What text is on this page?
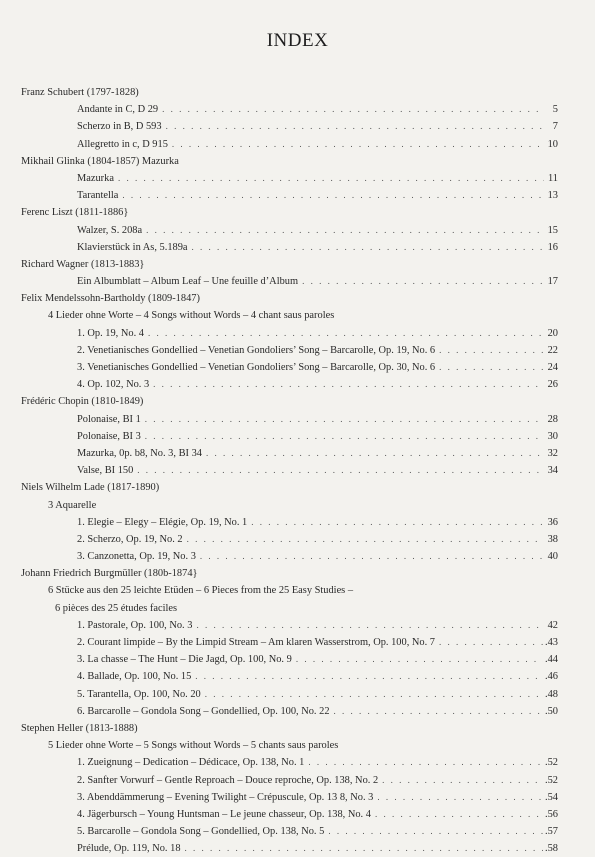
INDEX
Franz Schubert (1797-1828)
Andante in C, D 29 . . .	5
Scherzo in B, D 593 . . .	7
Allegretto in c, D 915 . . .	10
Mikhail Glinka (1804-1857) Mazurka
Mazurka . . .	11
Tarantella . . .	13
Ferenc Liszt (1811-1886}
Walzer, S. 208a . . .	15
Klavierstück in As, 5.189a . . .	16
Richard Wagner (1813-1883}
Ein Albumblatt – Album Leaf – Une feuille d’Album . . .	17
Felix Mendelssohn-Bartholdy (1809-1847)
4 Lieder ohne Worte – 4 Songs without Words – 4 chant saus paroles
1. Op. 19, No. 4 . . .	20
2. Venetianisches Gondellied – Venetian Gondoliers’ Song – Barcarolle, Op. 19, No. 6 . . .	22
3. Venetianisches Gondellied – Venetian Gondoliers’ Song – Barcarolle, Op. 30, No. 6 . . .	24
4. Op. 102, No. 3 . . .	26
Frédéric Chopin (1810-1849)
Polonaise, BI 1 . . .	28
Polonaise, BI 3 . . .	30
Mazurka, 0p. b8, No. 3, BI 34 . . .	32
Valse, BI 150 . . .	34
Niels Wilhelm Lade (1817-1890)
3 Aquarelle
1. Elegie – Elegy – Elégie, Op. 19, No. 1 . . .	36
2. Scherzo, Op. 19, No. 2 . . .	38
3. Canzonetta, Op. 19, No. 3 . . .	40
Johann Friedrich Burgmüller (180b-1874}
6 Stücke aus den 25 leichte Etüden – 6 Pieces from the 25 Easy Studies –
6 pièces des 25 études faciles
1. Pastorale, Op. 100, No. 3 . . .	42
2. Courant limpide – By the Limpid Stream – Am klaren Wasserstrom, Op. 100, No. 7 . . .	.43
3. La chasse – The Hunt – Die Jagd, Op. 100, No. 9 . . .	.44
4. Ballade, Op. 100, No. 15 . . .	.46
5. Tarantella, Op. 100, No. 20 . . .	.48
6. Barcarolle – Gondola Song – Gondellied, Op. 100, No. 22 . . .	.50
Stephen Heller (1813-1888)
5 Lieder ohne Worte – 5 Songs without Words – 5 chants saus paroles
1. Zueignung – Dedication – Dédicace, Op. 138, No. 1 . . .	.52
2. Sanfter Vorwurf – Gentle Reproach – Douce reproche, Op. 138, No. 2 . . .	.52
3. Abenddämmerung – Evening Twilight – Crépuscule, Op. 13 8, No. 3 . . .	.54
4. Jägerbursch – Young Huntsman – Le jeune chasseur, Op. 138, No. 4 . . .	.56
5. Barcarolle – Gondola Song – Gondellied, Op. 138, No. 5 . . .	.57
Prélude, Op. 119, No. 18 . . .	.58
